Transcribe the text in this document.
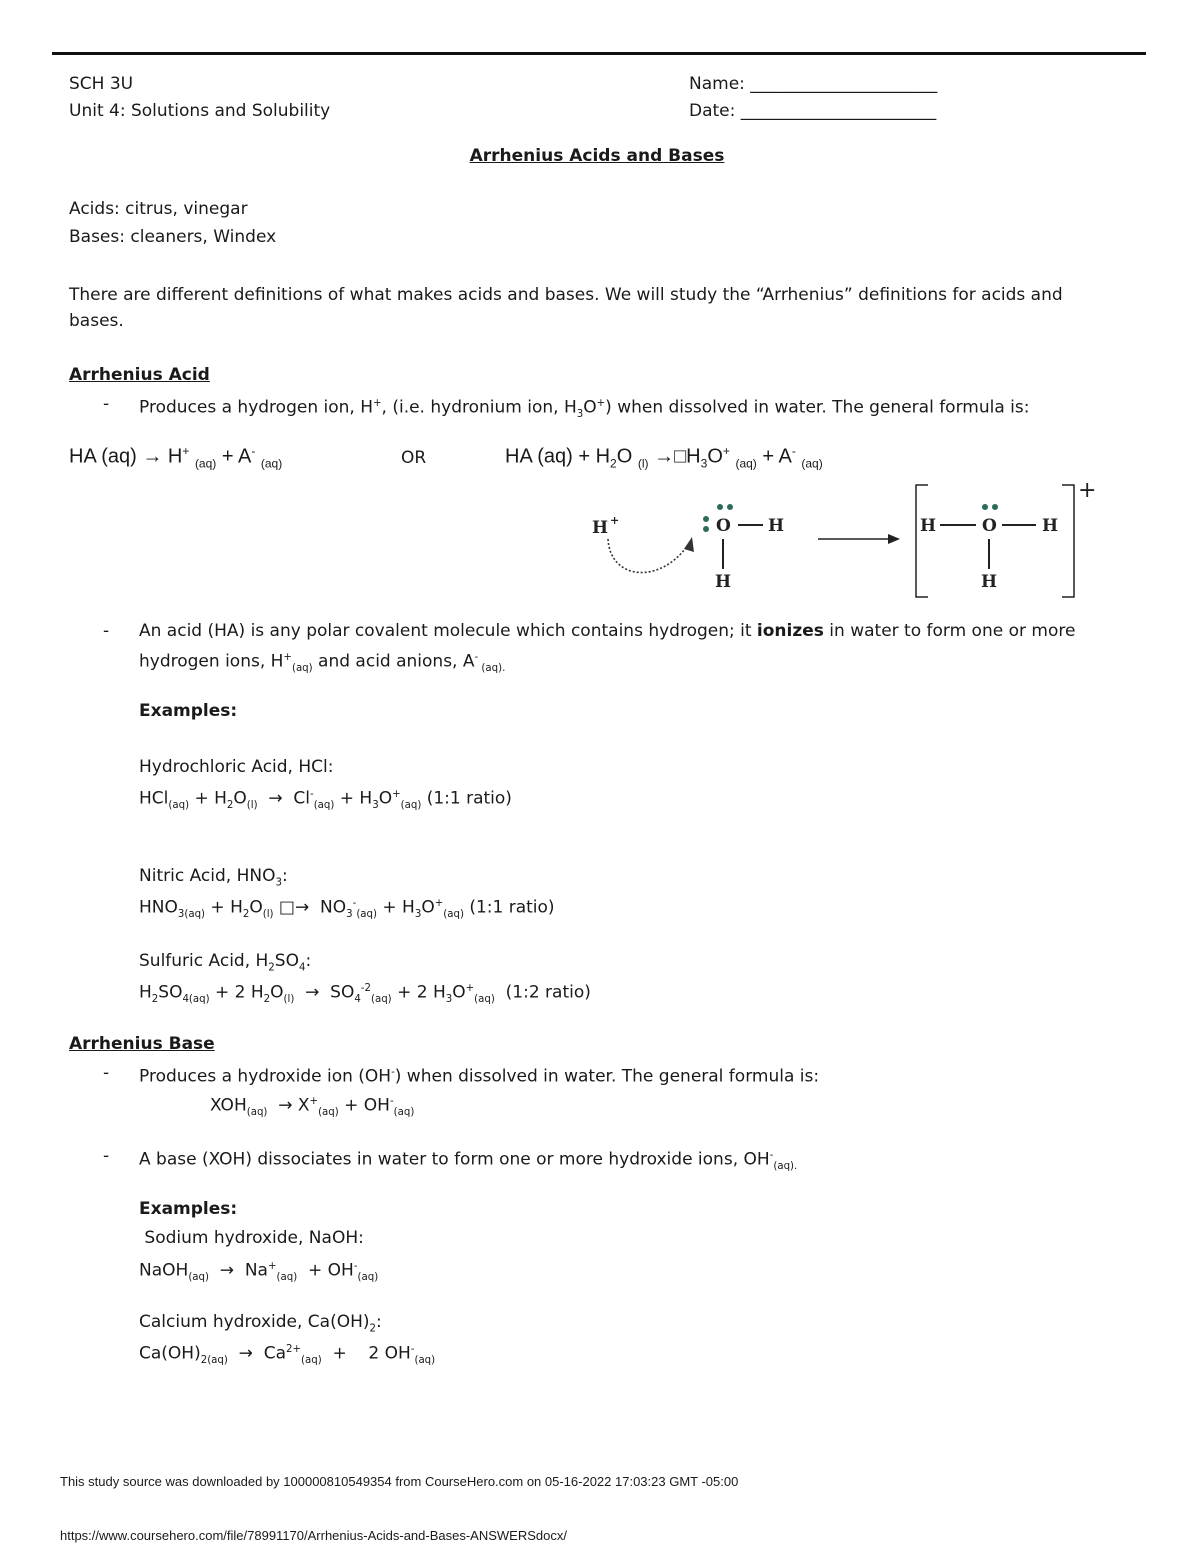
SCH 3U
Unit 4: Solutions and Solubility
Name: ______________________
Date: _______________________
Arrhenius Acids and Bases
Acids: citrus, vinegar
Bases: cleaners, Windex
There are different definitions of what makes acids and bases. We will study the “Arrhenius” definitions for acids and
bases.
Arrhenius Acid
- Produces a hydrogen ion, H+, (i.e. hydronium ion, $H_3O^+$) when dissolved in water. The general formula is:
HA (aq) → H+ $_{(aq)}$ + A- $_{(aq)}$	OR	HA $(aq) + H_2O$ $_{(l)} \to□H_3O^+$ $_{(aq)}$ + A- $_{(aq)}$
H +	O H
H
H	O	H
H
+
- An acid (HA) is any polar covalent molecule which contains hydrogen; it ionizes in water to form one or more
hydrogen ions, $H^+_{(aq)}$ and acid anions, A- $_{(aq).}$
Examples:
Hydrochloric Acid, HCl:
$HCl_{(aq)} + H_2O_{(l)} \to Cl^-_{(aq)} + H_3O^+_{(aq)}$ (1:1 ratio)
Nitric Acid, $HNO_3$:
$HNO_{3(aq)} + H_2O_{(l)}$ □→  $NO_3^-_{(aq)} + H_3O^+_{(aq)}$ (1:1 ratio)
Sulfuric Acid, $H_2SO_4$:
$H_2SO_{4(aq)} + 2$ $H_2O_{(l)} \to SO_4^{-2}_{(aq)} + 2$ $H_3O^+_{(aq)}$ (1:2 ratio)
Arrhenius Base
- Produces a hydroxide ion (OH-) when dissolved in water. The general formula is:
$XOH_{(aq)} \to X^+_{(aq)} + OH^-_{(aq)}$
- A base (XOH) dissociates in water to form one or more hydroxide ions, $OH^-_{(aq).}$
Examples:
Sodium hydroxide, NaOH:
NaOH$_{(aq)}$  →  $Na^+_{(aq)} + OH^-_{(aq)}$
Calcium hydroxide, $Ca(OH)_2$:
$Ca(OH)_{2(aq)} \to Ca^{2+}_{(aq)}$  +    2 $OH^-_{(aq)}$
This study source was downloaded by 100000810549354 from CourseHero.com on 05-16-2022 17:03:23 GMT -05:00
https://www.coursehero.com/file/78991170/Arrhenius-Acids-and-Bases-ANSWERSdocx/
